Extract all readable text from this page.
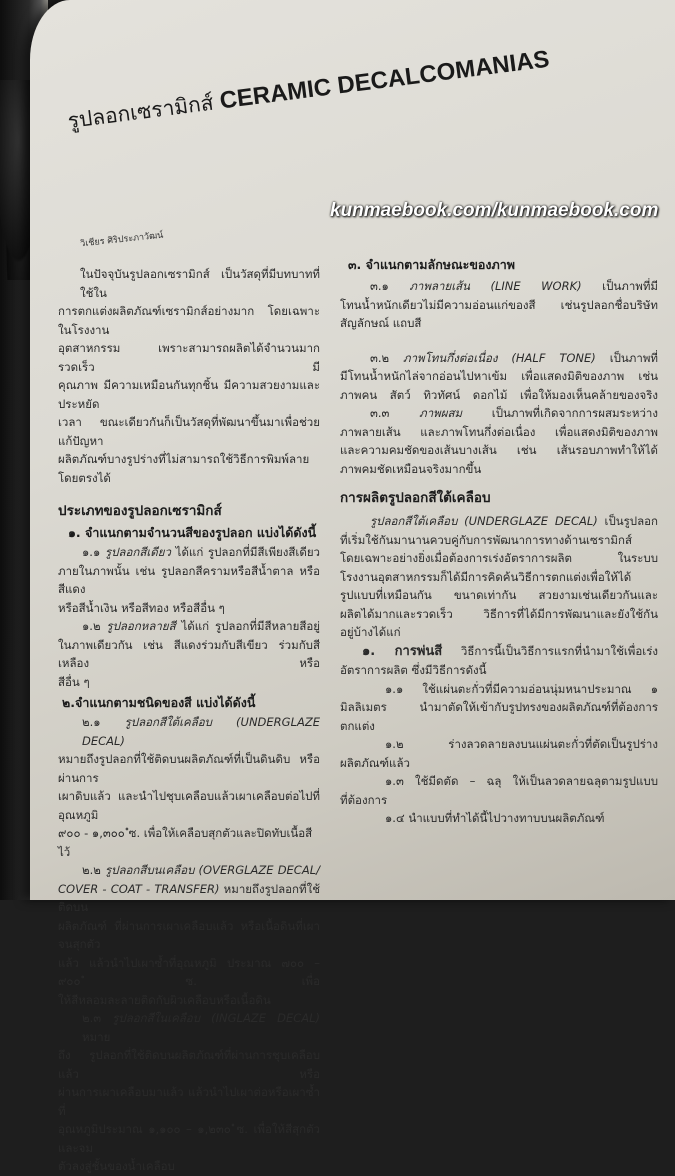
รูปลอกเซรามิกส์ CERAMIC DECALCOMANIAS
วิเชียร ศิริประภาวัฒน์
kunmaebook.com/kunmaebook.com
ในปัจจุบันรูปลอกเซรามิกส์ เป็นวัสดุที่มีบทบาทที่ใช้ใน
การตกแต่งผลิตภัณฑ์เซรามิกส์อย่างมาก โดยเฉพาะในโรงงาน
อุตสาหกรรม เพราะสามารถผลิตได้จำนวนมาก รวดเร็ว มี
คุณภาพ มีความเหมือนกันทุกชิ้น มีความสวยงามและประหยัด
เวลา ขณะเดียวกันก็เป็นวัสดุที่พัฒนาขึ้นมาเพื่อช่วยแก้ปัญหา
ผลิตภัณฑ์บางรูปร่างที่ไม่สามารถใช้วิธีการพิมพ์ลายโดยตรงได้
ประเภทของรูปลอกเซรามิกส์
๑. จำแนกตามจำนวนสีของรูปลอก แบ่งได้ดังนี้
๑.๑ รูปลอกสีเดียว ได้แก่ รูปลอกที่มีสีเพียงสีเดียว
ภายในภาพนั้น เช่น รูปลอกสีครามหรือสีน้ำตาล หรือสีแดง
หรือสีน้ำเงิน หรือสีทอง หรือสีอื่น ๆ
๑.๒ รูปลอกหลายสี ได้แก่ รูปลอกที่มีสีหลายสีอยู่
ในภาพเดียวกัน เช่น สีแดงร่วมกับสีเขียว ร่วมกับสีเหลือง หรือ
สีอื่น ๆ
๒.จำแนกตามชนิดของสี แบ่งได้ดังนี้
๒.๑ รูปลอกสีใต้เคลือบ (UNDERGLAZE DECAL)
หมายถึงรูปลอกที่ใช้ติดบนผลิตภัณฑ์ที่เป็นดินดิบ หรือผ่านการ
เผาดิบแล้ว และนำไปชุบเคลือบแล้วเผาเคลือบต่อไปที่อุณหภูมิ
๙๐๐ - ๑,๓๐๐ ํซ. เพื่อให้เคลือบสุกตัวและปิดทับเนื้อสีไว้
๒.๒ รูปลอกสีบนเคลือบ (OVERGLAZE DECAL/
COVER - COAT - TRANSFER) หมายถึงรูปลอกที่ใช้ติดบน
ผลิตภัณฑ์ ที่ผ่านการเผาเคลือบแล้ว หรือเนื้อดินที่เผาจนสุกตัว
แล้ว แล้วนำไปเผาซ้ำที่อุณหภูมิ ประมาณ ๗๐๐ – ๙๐๐ ํซ. เพื่อ
ให้สีหลอมละลายติดกับผิวเคลือบหรือเนื้อดิน
๒.๓ รูปลอกสีในเคลือบ (INGLAZE DECAL) หมาย
ถึง รูปลอกที่ใช้ติดบนผลิตภัณฑ์ที่ผ่านการชุบเคลือบแล้ว หรือ
ผ่านการเผาเคลือบมาแล้ว แล้วนำไปเผาต่อหรือเผาซ้ำที่
อุณหภูมิประมาณ ๑,๑๐๐ – ๑,๒๓๐ ํซ. เพื่อให้สีสุกตัวและจม
ตัวลงสู่ชั้นของน้ำเคลือบ
๓. จำแนกตามลักษณะของภาพ
๓.๑ ภาพลายเส้น (LINE WORK) เป็นภาพที่มี
โทนน้ำหนักเดียวไม่มีความอ่อนแก่ของสี เช่นรูปลอกชื่อบริษัท
สัญลักษณ์ แถบสี
๓.๒ ภาพโทนกึ่งต่อเนื่อง (HALF TONE) เป็นภาพที่
มีโทนน้ำหนักไล่จากอ่อนไปหาเข้ม เพื่อแสดงมิติของภาพ เช่น
ภาพคน สัตว์ ทิวทัศน์ ดอกไม้ เพื่อให้มองเห็นคล้ายของจริง
๓.๓	ภาพผสม	เป็นภาพที่เกิดจากการผสมระหว่าง
ภาพลายเส้น และภาพโทนกึ่งต่อเนื่อง เพื่อแสดงมิติของภาพ
และความคมชัดของเส้นบางเส้น เช่น เส้นรอบภาพทำให้ได้
ภาพคมชัดเหมือนจริงมากขึ้น
การผลิตรูปลอกสีใต้เคลือบ
รูปลอกสีใต้เคลือบ (UNDERGLAZE DECAL) เป็นรูปลอก
ที่เริ่มใช้กันมานานควบคู่กับการพัฒนาการทางด้านเซรามิกส์
โดยเฉพาะอย่างยิ่งเมื่อต้องการเร่งอัตราการผลิต ในระบบ
โรงงานอุตสาหกรรมก็ได้มีการคิดค้นวิธีการตกแต่งเพื่อให้ได้
รูปแบบที่เหมือนกัน ขนาดเท่ากัน สวยงามเช่นเดียวกันและ
ผลิตได้มากและรวดเร็ว วิธีการที่ได้มีการพัฒนาและยังใช้กัน
อยู่บ้างได้แก่
๑. การพ่นสี วิธีการนี้เป็นวิธีการแรกที่นำมาใช้เพื่อเร่ง
อัตราการผลิต ซึ่งมีวิธีการดังนี้
๑.๑ ใช้แผ่นตะกั่วที่มีความอ่อนนุ่มหนาประมาณ ๑
มิลลิเมตร นำมาตัดให้เข้ากับรูปทรงของผลิตภัณฑ์ที่ต้องการตกแต่ง
๑.๒	ร่างลวดลายลงบนแผ่นตะกั่วที่ตัดเป็นรูปร่าง
ผลิตภัณฑ์แล้ว
๑.๓ ใช้มีดตัด – ฉลุ ให้เป็นลวดลายฉลุตามรูปแบบ
ที่ต้องการ
๑.๔ นำแบบที่ทำได้นี้ไปวางทาบบนผลิตภัณฑ์
